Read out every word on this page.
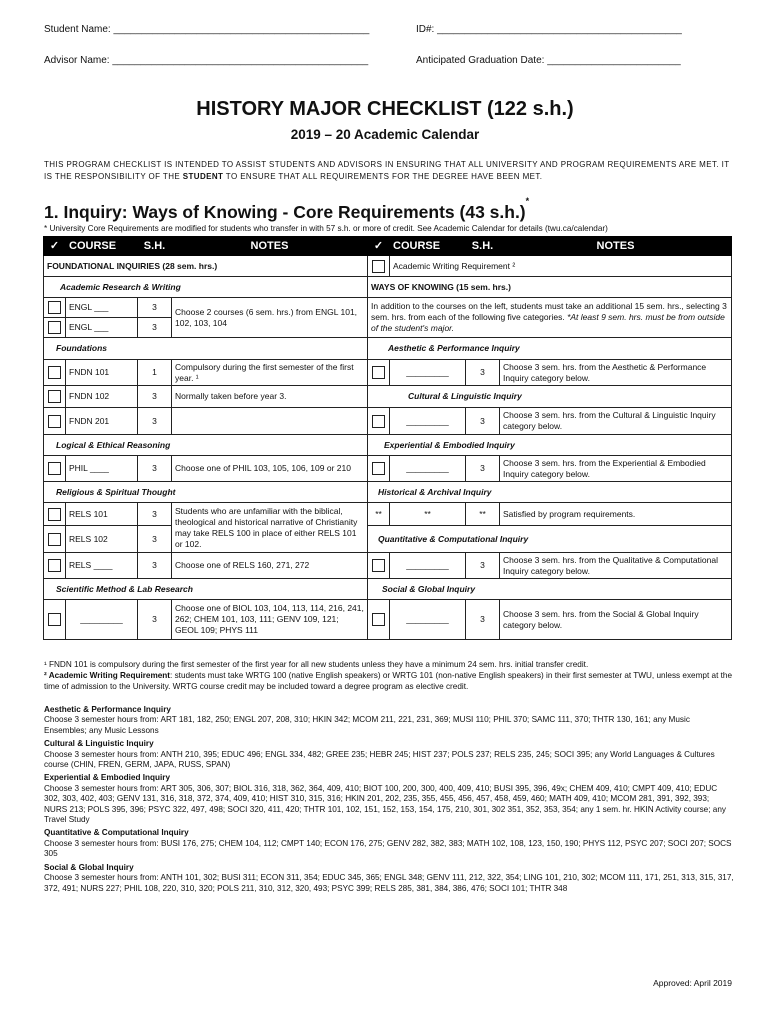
Student Name: ______________________________________________	ID#: ____________________________________________
Advisor Name: ______________________________________________	Anticipated Graduation Date: ________________________
HISTORY MAJOR CHECKLIST (122 s.h.)
2019 – 20 Academic Calendar
THIS PROGRAM CHECKLIST IS INTENDED TO ASSIST STUDENTS AND ADVISORS IN ENSURING THAT ALL UNIVERSITY AND PROGRAM REQUIREMENTS ARE MET. IT IS THE RESPONSIBILITY OF THE STUDENT TO ENSURE THAT ALL REQUIREMENTS FOR THE DEGREE HAVE BEEN MET.
1. Inquiry: Ways of Knowing - Core Requirements (43 s.h.)*
* University Core Requirements are modified for students who transfer in with 57 s.h. or more of credit. See Academic Calendar for details (twu.ca/calendar)
✓	COURSE	S.H.	NOTES	✓	COURSE	S.H.	NOTES
FOUNDATIONAL INQUIRIES (28 sem. hrs.)					Academic Writing Requirement ²		
Academic Research & Writing				WAYS OF KNOWING (15 sem. hrs.)			
	ENGL ___	3	Choose 2 courses (6 sem. hrs.) from ENGL 101, 102, 103, 104	In addition to the courses on the left, students must take an additional 15 sem. hrs., selecting 3 sem. hrs. from each of the following five categories. *At least 9 sem. hrs. must be from outside of the student's major.			
	ENGL ___	3					
Foundations				Aesthetic & Performance Inquiry			
	FNDN 101	1	Compulsory during the first semester of the first year. ¹		_________	3	Choose 3 sem. hrs. from the Aesthetic & Performance Inquiry category below.
	FNDN 102	3	Normally taken before year 3.	Cultural & Linguistic Inquiry			
	FNDN 201	3			_________	3	Choose 3 sem. hrs. from the Cultural & Linguistic Inquiry category below.
Logical & Ethical Reasoning				Experiential & Embodied Inquiry			
	PHIL ____	3	Choose one of PHIL 103, 105, 106, 109 or 210		_________	3	Choose 3 sem. hrs. from the Experiential & Embodied Inquiry category below.
Religious & Spiritual Thought				Historical & Archival Inquiry			
	RELS 101	3	Students who are unfamiliar with the biblical, theological and historical narrative of Christianity may take RELS 100 in place of either RELS 101 or 102.	**	**	**	Satisfied by program requirements.
	RELS 102	3		Quantitative & Computational Inquiry			
	RELS ____	3	Choose one of RELS 160, 271, 272		_________	3	Choose 3 sem. hrs. from the Qualitative & Computational Inquiry category below.
Scientific Method & Lab Research				Social & Global Inquiry			
	_________	3	Choose one of BIOL 103, 104, 113, 114, 216, 241, 262; CHEM 101, 103, 111; GENV 109, 121; GEOL 109; PHYS 111		_________	3	Choose 3 sem. hrs. from the Social & Global Inquiry category below.
¹ FNDN 101 is compulsory during the first semester of the first year for all new students unless they have a minimum 24 sem. hrs. initial transfer credit.
² Academic Writing Requirement: students must take WRTG 100 (native English speakers) or WRTG 101 (non-native English speakers) in their first semester at TWU, unless exempt at the time of admission to the University. WRTG course credit may be included toward a degree program as elective credit.
Aesthetic & Performance Inquiry
Choose 3 semester hours from: ART 181, 182, 250; ENGL 207, 208, 310; HKIN 342; MCOM 211, 221, 231, 369; MUSI 110; PHIL 370; SAMC 111, 370; THTR 130, 161; any Music Ensembles; any Music Lessons
Cultural & Linguistic Inquiry
Choose 3 semester hours from: ANTH 210, 395; EDUC 496; ENGL 334, 482; GREE 235; HEBR 245; HIST 237; POLS 237; RELS 235, 245; SOCI 395; any World Languages & Cultures course (CHIN, FREN, GERM, JAPA, RUSS, SPAN)
Experiential & Embodied Inquiry
Choose 3 semester hours from: ART 305, 306, 307; BIOL 316, 318, 362, 364, 409, 410; BIOT 100, 200, 300, 400, 409, 410; BUSI 395, 396, 49x; CHEM 409, 410; CMPT 409, 410; EDUC 302, 303, 402, 403; GENV 131, 316, 318, 372, 374, 409, 410; HIST 310, 315, 316; HKIN 201, 202, 235, 355, 455, 456, 457, 458, 459, 460; MATH 409, 410; MCOM 281, 391, 392, 393; NURS 213; POLS 395, 396; PSYC 322, 497, 498; SOCI 320, 411, 420; THTR 101, 102, 151, 152, 153, 154, 175, 210, 301, 302 351, 352, 353, 354; any 1 sem. hr. HKIN Activity course; any Travel Study
Quantitative & Computational Inquiry
Choose 3 semester hours from: BUSI 176, 275; CHEM 104, 112; CMPT 140; ECON 176, 275; GENV 282, 382, 383; MATH 102, 108, 123, 150, 190; PHYS 112, PSYC 207; SOCI 207; SOCS 305
Social & Global Inquiry
Choose 3 semester hours from: ANTH 101, 302; BUSI 311; ECON 311, 354; EDUC 345, 365; ENGL 348; GENV 111, 212, 322, 354; LING 101, 210, 302; MCOM 111, 171, 251, 313, 315, 317, 372, 491; NURS 227; PHIL 108, 220, 310, 320; POLS 211, 310, 312, 320, 493; PSYC 399; RELS 285, 381, 384, 386, 476; SOCI 101; THTR 348
Approved: April 2019
